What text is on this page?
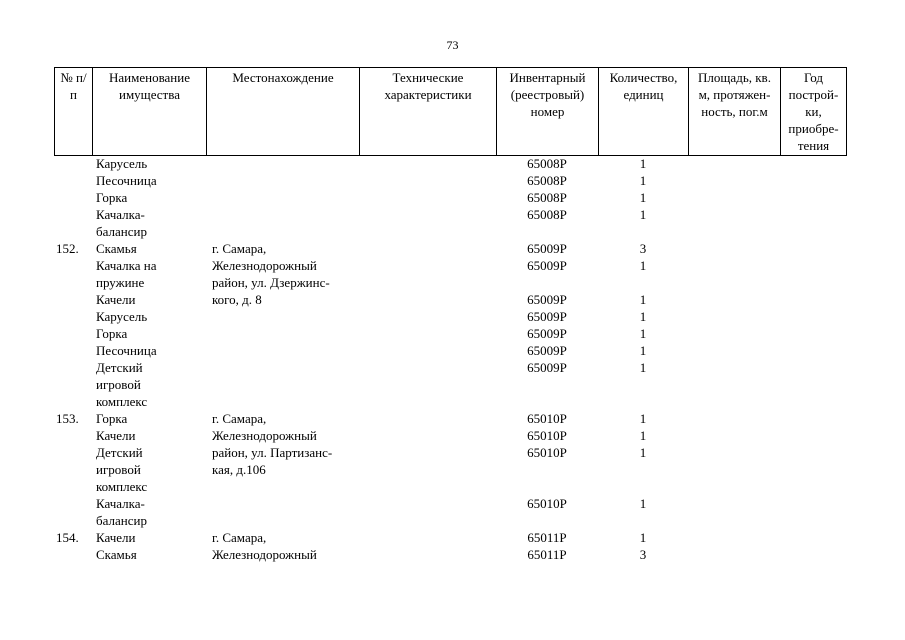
73
№ п/п	Наименование имущества	Местонахождение	Технические характеристики	Инвентарный (реестровый) номер	Количество, единиц	Площадь, кв. м, протяжен-ность, пог.м	Год построй-ки, приобре-тения
	Карусель			65008Р	1		
	Песочница			65008Р	1		
	Горка			65008Р	1		
	Качалка-			65008Р	1		
	балансир						
152.	Скамья	г. Самара,		65009Р	3		
	Качалка на	Железнодорожный		65009Р	1		
	пружине	район, ул. Дзержинс-					
	Качели	кого, д. 8		65009Р	1		
	Карусель			65009Р	1		
	Горка			65009Р	1		
	Песочница			65009Р	1		
	Детский			65009Р	1		
	игровой						
	комплекс						
153.	Горка	г. Самара,		65010Р	1		
	Качели	Железнодорожный		65010Р	1		
	Детский	район, ул. Партизанс-		65010Р	1		
	игровой	кая, д.106					
	комплекс						
	Качалка-			65010Р	1		
	балансир						
154.	Качели	г. Самара,		65011Р	1		
	Скамья	Железнодорожный		65011Р	3		
